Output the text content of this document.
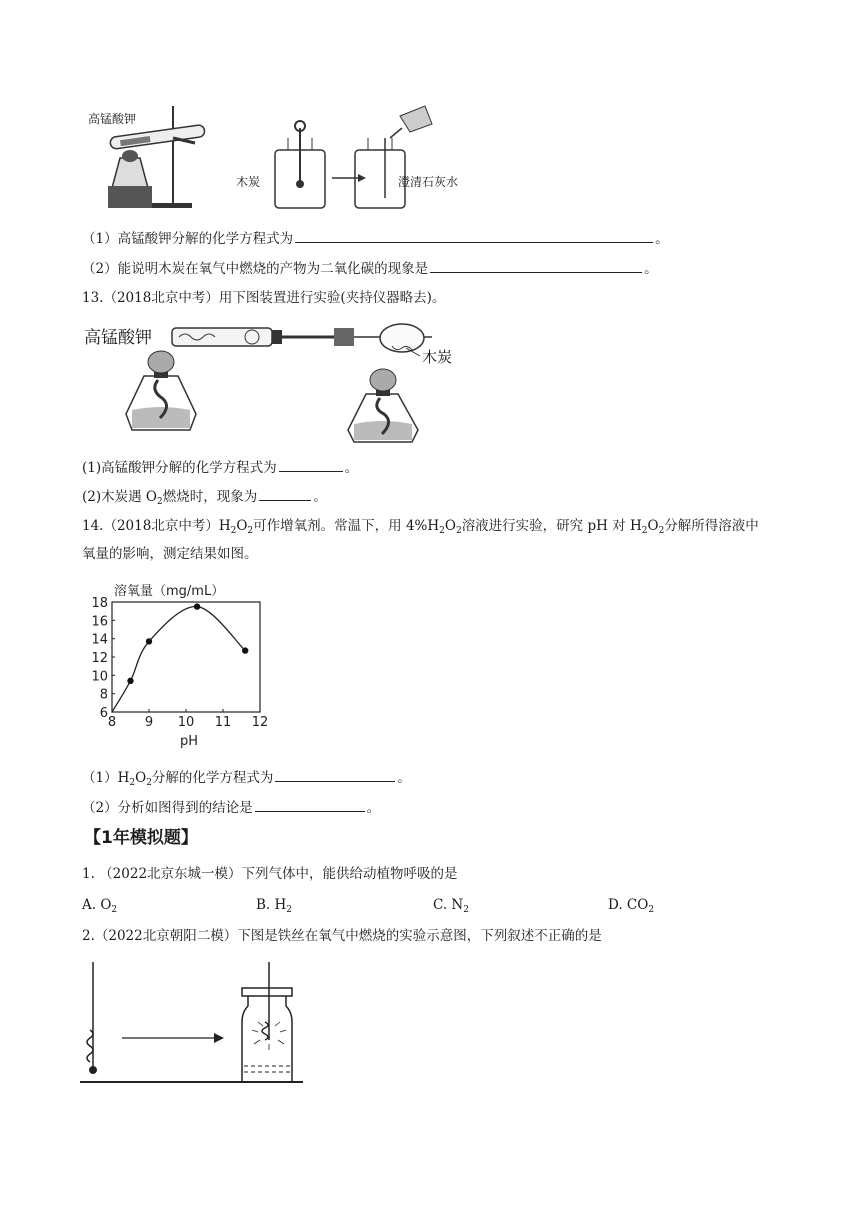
高锰酸钾
木炭	澄清石灰水
（1）高锰酸钾分解的化学方程式为	。
（2）能说明木炭在氧气中燃烧的产物为二氧化碳的现象是	。
13.（2018北京中考）用下图装置进行实验(夹持仪器略去)。
高锰酸钾
木炭
(1)高锰酸钾分解的化学方程式为	。
(2)木炭遇 $O_2$燃烧时，现象为	。
14.（2018北京中考）$H_2O_2$可作增氧剂。常温下，用 $4\%H_2O_2$溶液进行实验，研究 pH 对 $H_2O_2$分解所得溶液中
氧量的影响，测定结果如图。
8 9 10 11 12
6
8
10
12
14
16
18
溶氧量（mg/mL）
pH
$(1)H_2O_2$分解的化学方程式为	。
（2）分析如图得到的结论是	。
【1年模拟题】
1. （2022北京东城一模）下列气体中，能供给动植物呼吸的是
A. $O_2$	B. $H_2$	C. $N_2$	D. $CO_2$
2.（2022北京朝阳二模）下图是铁丝在氧气中燃烧的实验示意图，下列叙述不正确的是
